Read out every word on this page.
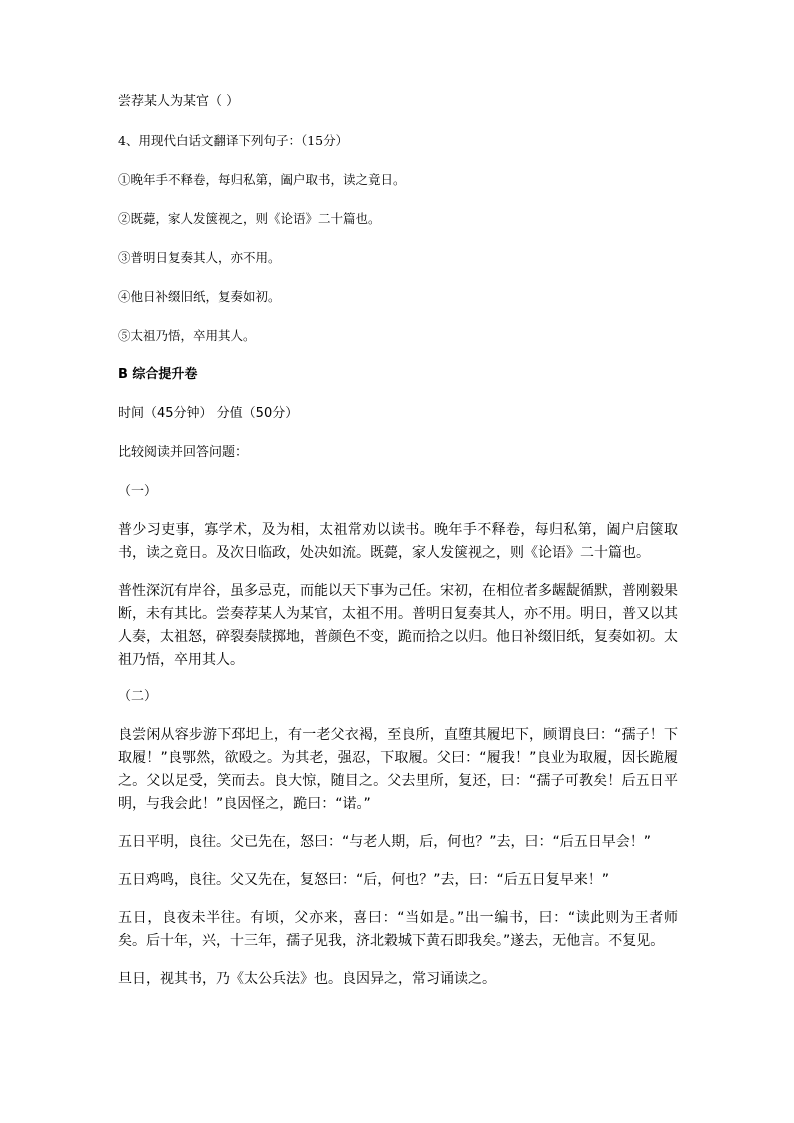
尝荐某人为某官（ ）

4、用现代白话文翻译下列句子：（15分）

①晚年手不释卷，每归私第，阖户取书，读之竟日。

②既薨，家人发箧视之，则《论语》二十篇也。

③普明日复奏其人，亦不用。

④他日补缀旧纸，复奏如初。

⑤太祖乃悟，卒用其人。

B 综合提升卷

时间（45分钟） 分值（50分）

比较阅读并回答问题：

（一）

普少习吏事，寡学术，及为相，太祖常劝以读书。晚年手不释卷，每归私第，阖户启箧取书，读之竟日。及次日临政，处决如流。既薨，家人发箧视之，则《论语》二十篇也。

普性深沉有岸谷，虽多忌克，而能以天下事为己任。宋初，在相位者多龌龊循默，普刚毅果断，未有其比。尝奏荐某人为某官，太祖不用。普明日复奏其人，亦不用。明日，普又以其人奏，太祖怒，碎裂奏牍掷地，普颜色不变，跪而拾之以归。他日补缀旧纸，复奏如初。太祖乃悟，卒用其人。

（二）

良尝闲从容步游下邳圯上，有一老父衣褐，至良所，直堕其履圯下，顾谓良曰：“孺子！下取履！”良鄂然，欲殴之。为其老，强忍，下取履。父曰：“履我！”良业为取履，因长跪履之。父以足受，笑而去。良大惊，随目之。父去里所，复还，曰：“孺子可教矣！后五日平明，与我会此！”良因怪之，跪曰：“诺。”

五日平明，良往。父已先在，怒曰：“与老人期，后，何也？”去，曰：“后五日早会！”

五日鸡鸣，良往。父又先在，复怒曰：“后，何也？”去，曰：“后五日复早来！”

五日，良夜未半往。有顷，父亦来，喜曰：“当如是。”出一编书，曰：“读此则为王者师矣。后十年，兴，十三年，孺子见我，济北穀城下黄石即我矣。”遂去，无他言。不复见。

旦日，视其书，乃《太公兵法》也。良因异之，常习诵读之。
